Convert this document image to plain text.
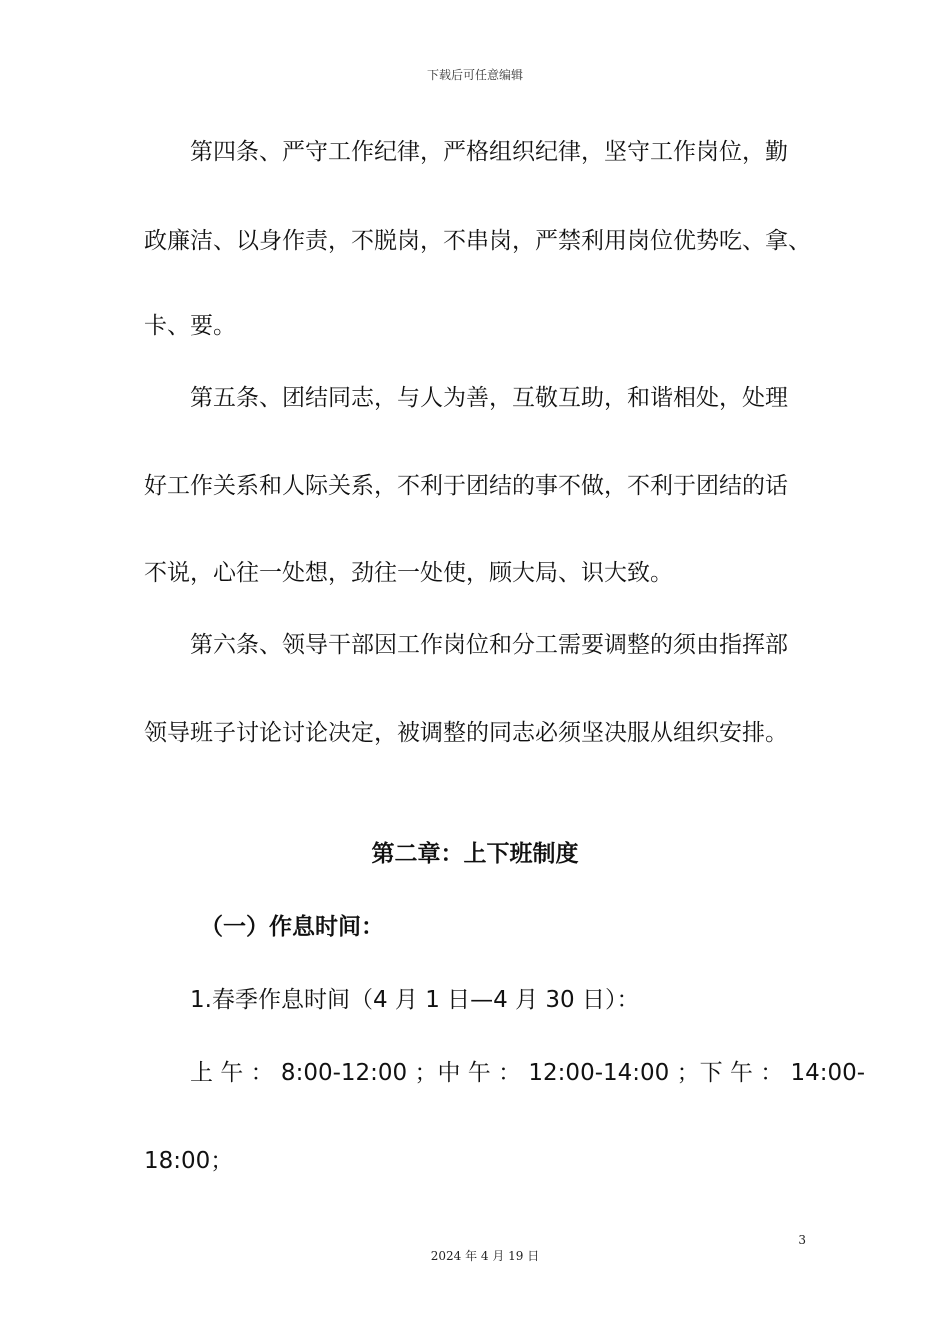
下载后可任意编辑

第四条、严守工作纪律，严格组织纪律，坚守工作岗位，勤

政廉洁、以身作责，不脱岗，不串岗，严禁利用岗位优势吃、拿、

卡、要。

第五条、团结同志，与人为善，互敬互助，和谐相处，处理

好工作关系和人际关系，不利于团结的事不做，不利于团结的话

不说，心往一处想，劲往一处使，顾大局、识大致。

第六条、领导干部因工作岗位和分工需要调整的须由指挥部

领导班子讨论讨论决定，被调整的同志必须坚决服从组织安排。

第二章：上下班制度
（一）作息时间：

1.春季作息时间（4 月 1 日—4 月 30 日）：

上 午 ： 8:00-12:00 ； 中 午 ： 12:00-14:00 ； 下 午 ： 14:00-

18:00；

3
2024 年 4 月 19 日
